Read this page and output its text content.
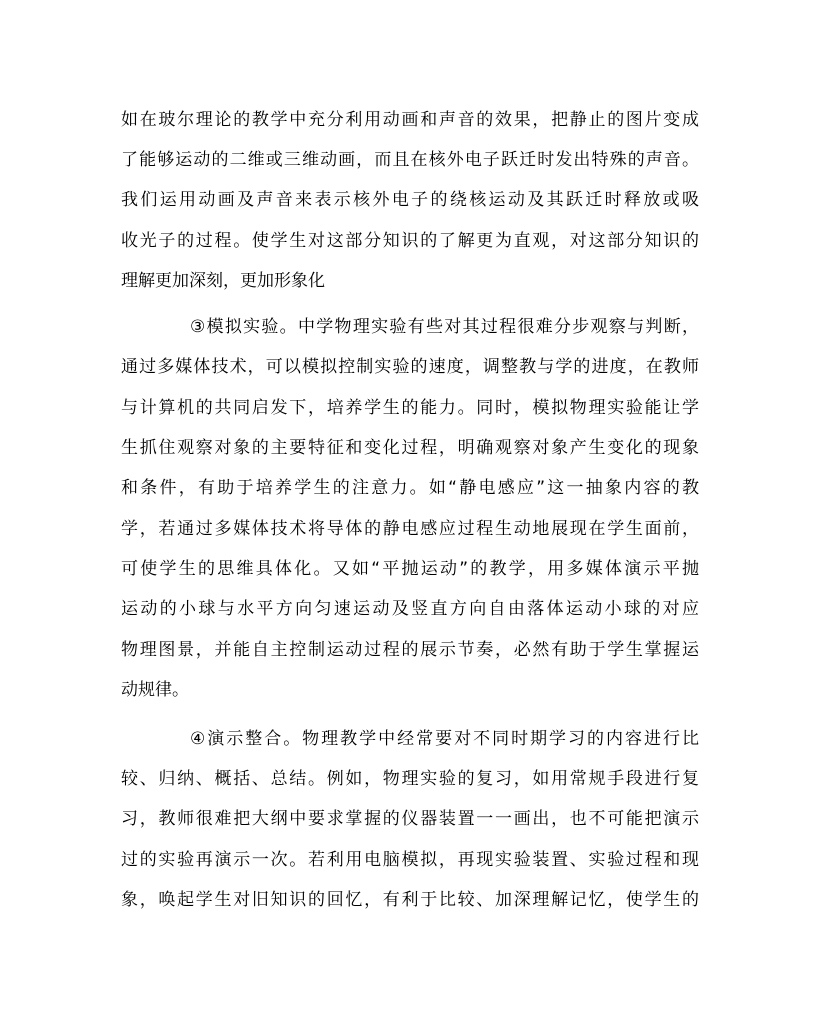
如在玻尔理论的教学中充分利用动画和声音的效果，把静止的图片变成
了能够运动的二维或三维动画，而且在核外电子跃迁时发出特殊的声音。
我们运用动画及声音来表示核外电子的绕核运动及其跃迁时释放或吸
收光子的过程。使学生对这部分知识的了解更为直观，对这部分知识的
理解更加深刻，更加形象化
③模拟实验。中学物理实验有些对其过程很难分步观察与判断，
通过多媒体技术，可以模拟控制实验的速度，调整教与学的进度，在教师
与计算机的共同启发下，培养学生的能力。同时，模拟物理实验能让学
生抓住观察对象的主要特征和变化过程，明确观察对象产生变化的现象
和条件，有助于培养学生的注意力。如“静电感应”这一抽象内容的教
学，若通过多媒体技术将导体的静电感应过程生动地展现在学生面前，
可使学生的思维具体化。又如“平抛运动”的教学，用多媒体演示平抛
运动的小球与水平方向匀速运动及竖直方向自由落体运动小球的对应
物理图景，并能自主控制运动过程的展示节奏，必然有助于学生掌握运
动规律。
④演示整合。物理教学中经常要对不同时期学习的内容进行比
较、归纳、概括、总结。例如，物理实验的复习，如用常规手段进行复
习，教师很难把大纲中要求掌握的仪器装置一一画出，也不可能把演示
过的实验再演示一次。若利用电脑模拟，再现实验装置、实验过程和现
象，唤起学生对旧知识的回忆，有利于比较、加深理解记忆，使学生的
